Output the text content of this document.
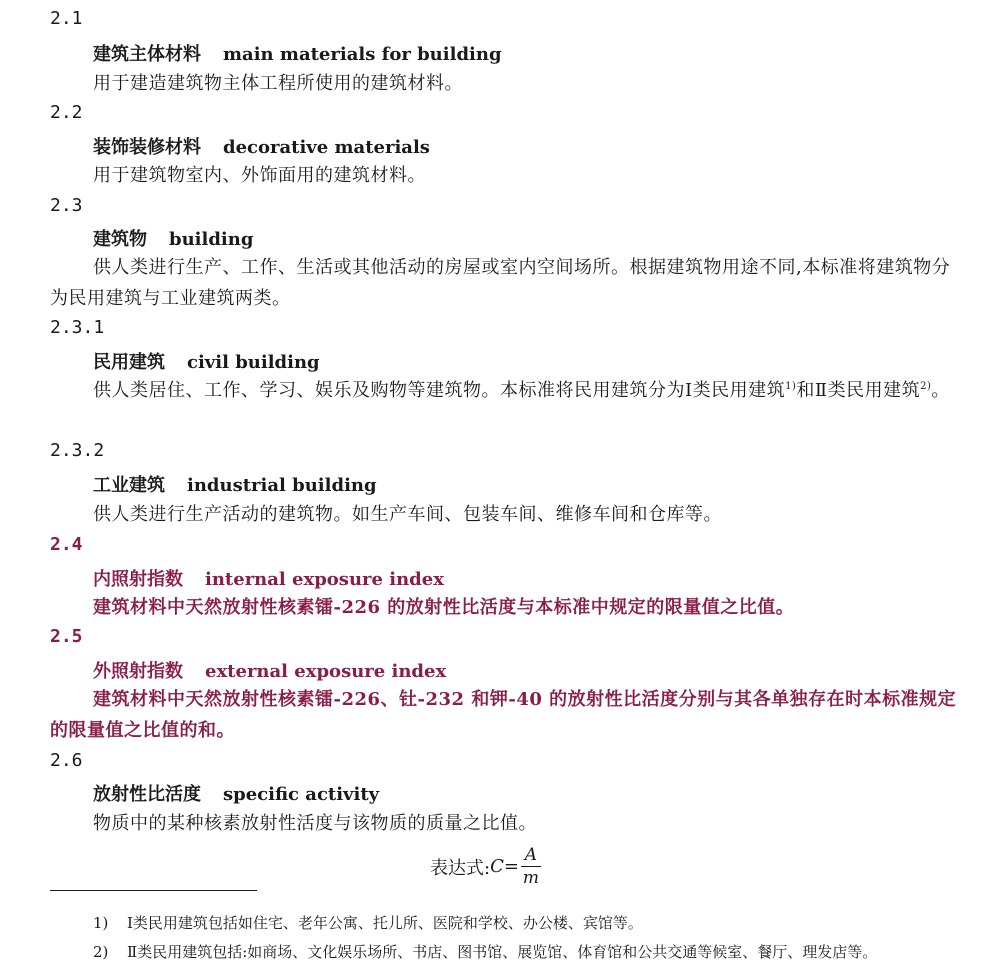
2.1
建筑主体材料 main materials for building
用于建造建筑物主体工程所使用的建筑材料。
2.2
装饰装修材料 decorative materials
用于建筑物室内、外饰面用的建筑材料。
2.3
建筑物 building
供人类进行生产、工作、生活或其他活动的房屋或室内空间场所。根据建筑物用途不同,本标准将建筑物分为民用建筑与工业建筑两类。
2.3.1
民用建筑 civil building
供人类居住、工作、学习、娱乐及购物等建筑物。本标准将民用建筑分为Ⅰ类民用建筑$^{1)}$和Ⅱ类民用建筑$^{2)}$。
2.3.2
工业建筑 industrial building
供人类进行生产活动的建筑物。如生产车间、包装车间、维修车间和仓库等。
2.4
内照射指数 internal exposure index
建筑材料中天然放射性核素镭-226 的放射性比活度与本标准中规定的限量值之比值。
2.5
外照射指数 external exposure index
建筑材料中天然放射性核素镭-226、钍-232 和钾-40 的放射性比活度分别与其各单独存在时本标准规定的限量值之比值的和。
2.6
放射性比活度 specific activity
物质中的某种核素放射性活度与该物质的质量之比值。
表达式: $C= \frac{A}{m}$
1) Ⅰ类民用建筑包括如住宅、老年公寓、托儿所、医院和学校、办公楼、宾馆等。
2) Ⅱ类民用建筑包括:如商场、文化娱乐场所、书店、图书馆、展览馆、体育馆和公共交通等候室、餐厅、理发店等。
